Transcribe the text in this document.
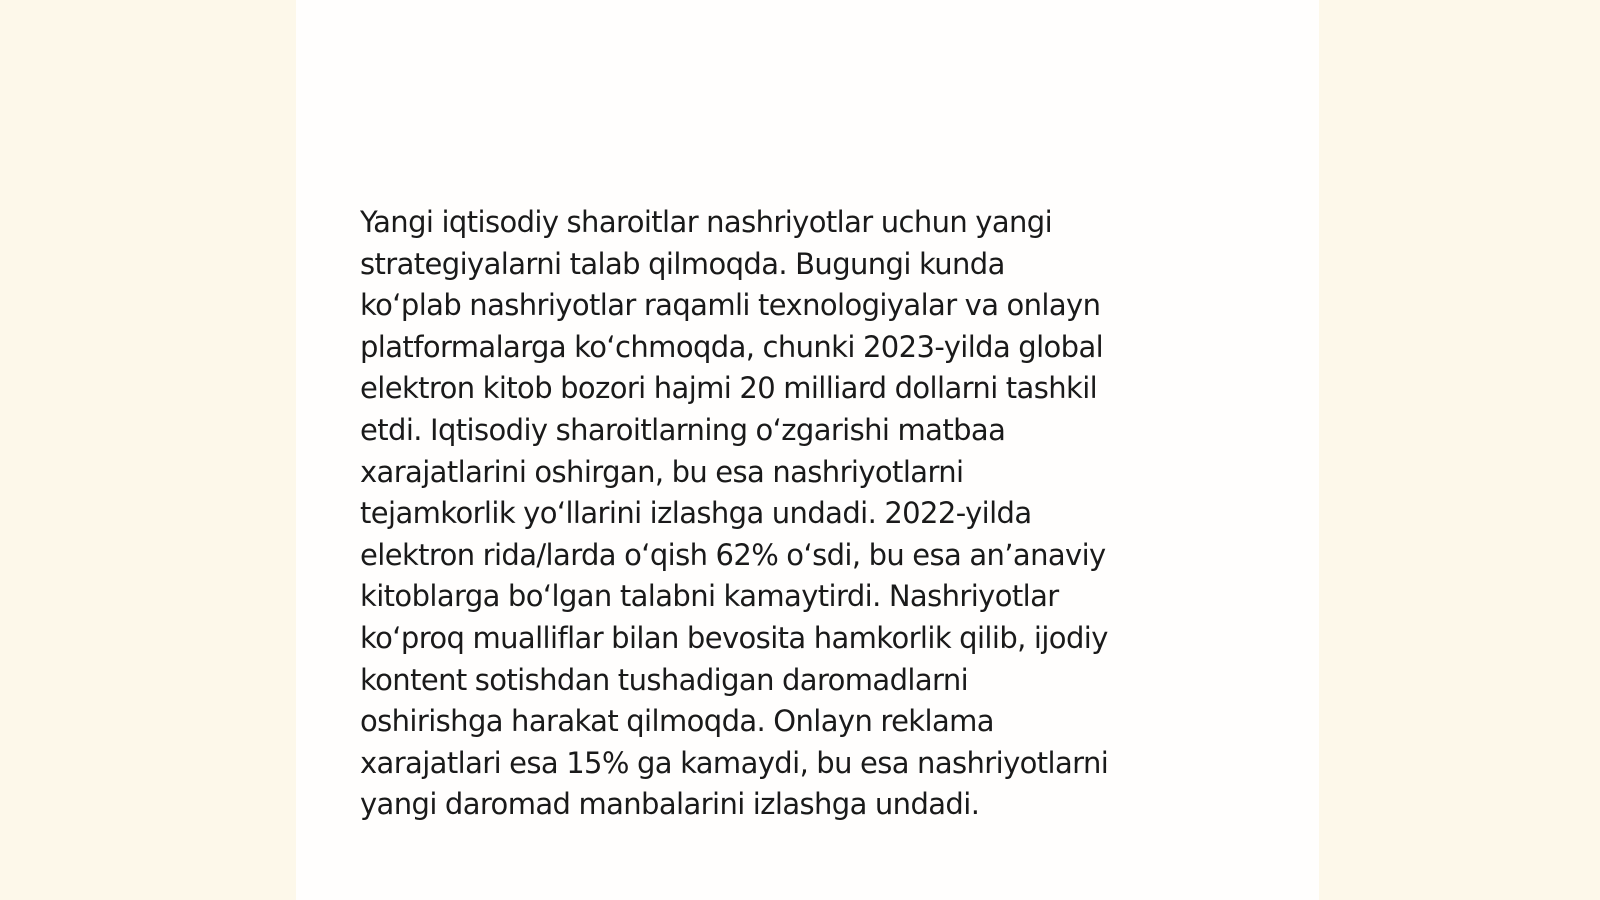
Yangi iqtisodiy sharoitlar nashriyotlar uchun yangi
strategiyalarni talab qilmoqda. Bugungi kunda
koʻplab nashriyotlar raqamli texnologiyalar va onlayn
platformalarga koʻchmoqda, chunki 2023-yilda global
elektron kitob bozori hajmi 20 milliard dollarni tashkil
etdi. Iqtisodiy sharoitlarning oʻzgarishi matbaa
xarajatlarini oshirgan, bu esa nashriyotlarni
tejamkorlik yoʻllarini izlashga undadi. 2022-yilda
elektron rida/larda oʻqish 62% oʻsdi, bu esa anʼanaviy
kitoblarga boʻlgan talabni kamaytirdi. Nashriyotlar
koʻproq mualliflar bilan bevosita hamkorlik qilib, ijodiy
kontent sotishdan tushadigan daromadlarni
oshirishga harakat qilmoqda. Onlayn reklama
xarajatlari esa 15% ga kamaydi, bu esa nashriyotlarni
yangi daromad manbalarini izlashga undadi.
